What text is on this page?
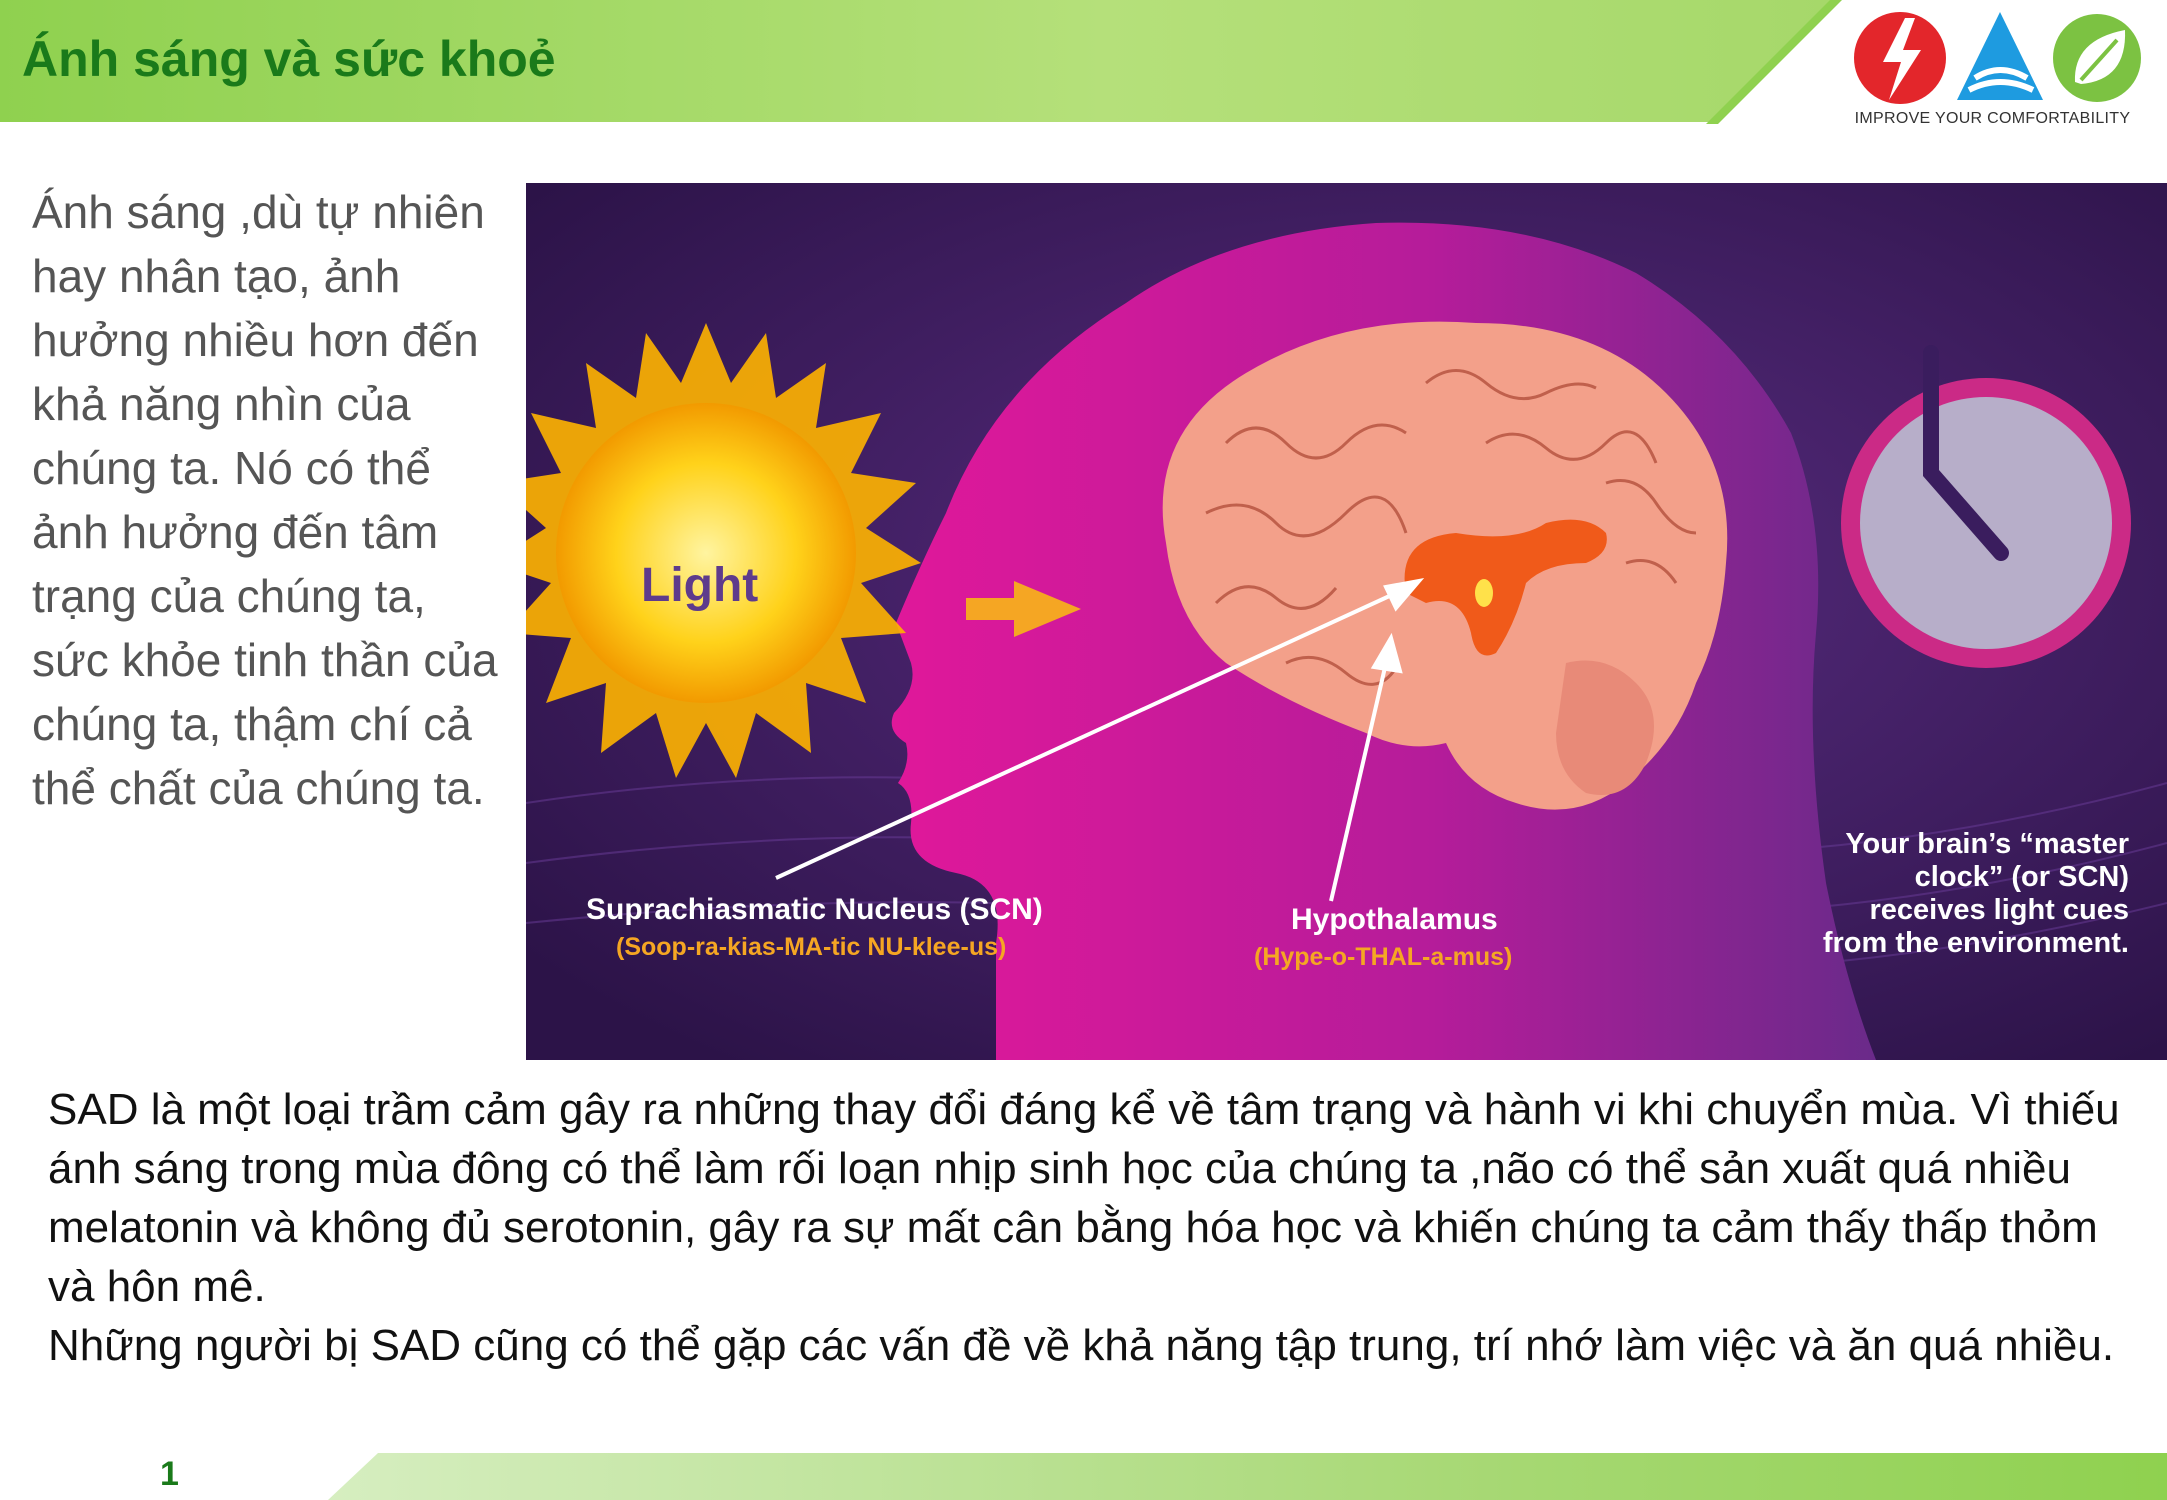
Ánh sáng và sức khoẻ
IMPROVE YOUR COMFORTABILITY

Ánh sáng ,dù tự nhiên hay nhân tạo, ảnh hưởng nhiều hơn đến khả năng nhìn của chúng ta. Nó có thể ảnh hưởng đến tâm trạng của chúng ta, sức khỏe tinh thần của chúng ta, thậm chí cả thể chất của chúng ta.

Light
Suprachiasmatic Nucleus (SCN)
(Soop-ra-kias-MA-tic NU-klee-us)
Hypothalamus
(Hype-o-THAL-a-mus)
Your brain’s “master clock” (or SCN) receives light cues from the environment.

SAD là một loại trầm cảm gây ra những thay đổi đáng kể về tâm trạng và hành vi khi chuyển mùa. Vì thiếu ánh sáng trong mùa đông có thể làm rối loạn nhịp sinh học của chúng ta ,não có thể sản xuất quá nhiều melatonin và không đủ serotonin, gây ra sự mất cân bằng hóa học và khiến chúng ta cảm thấy thấp thỏm và hôn mê.

Những người bị SAD cũng có thể gặp các vấn đề về khả năng tập trung, trí nhớ làm việc và ăn quá nhiều.

1
